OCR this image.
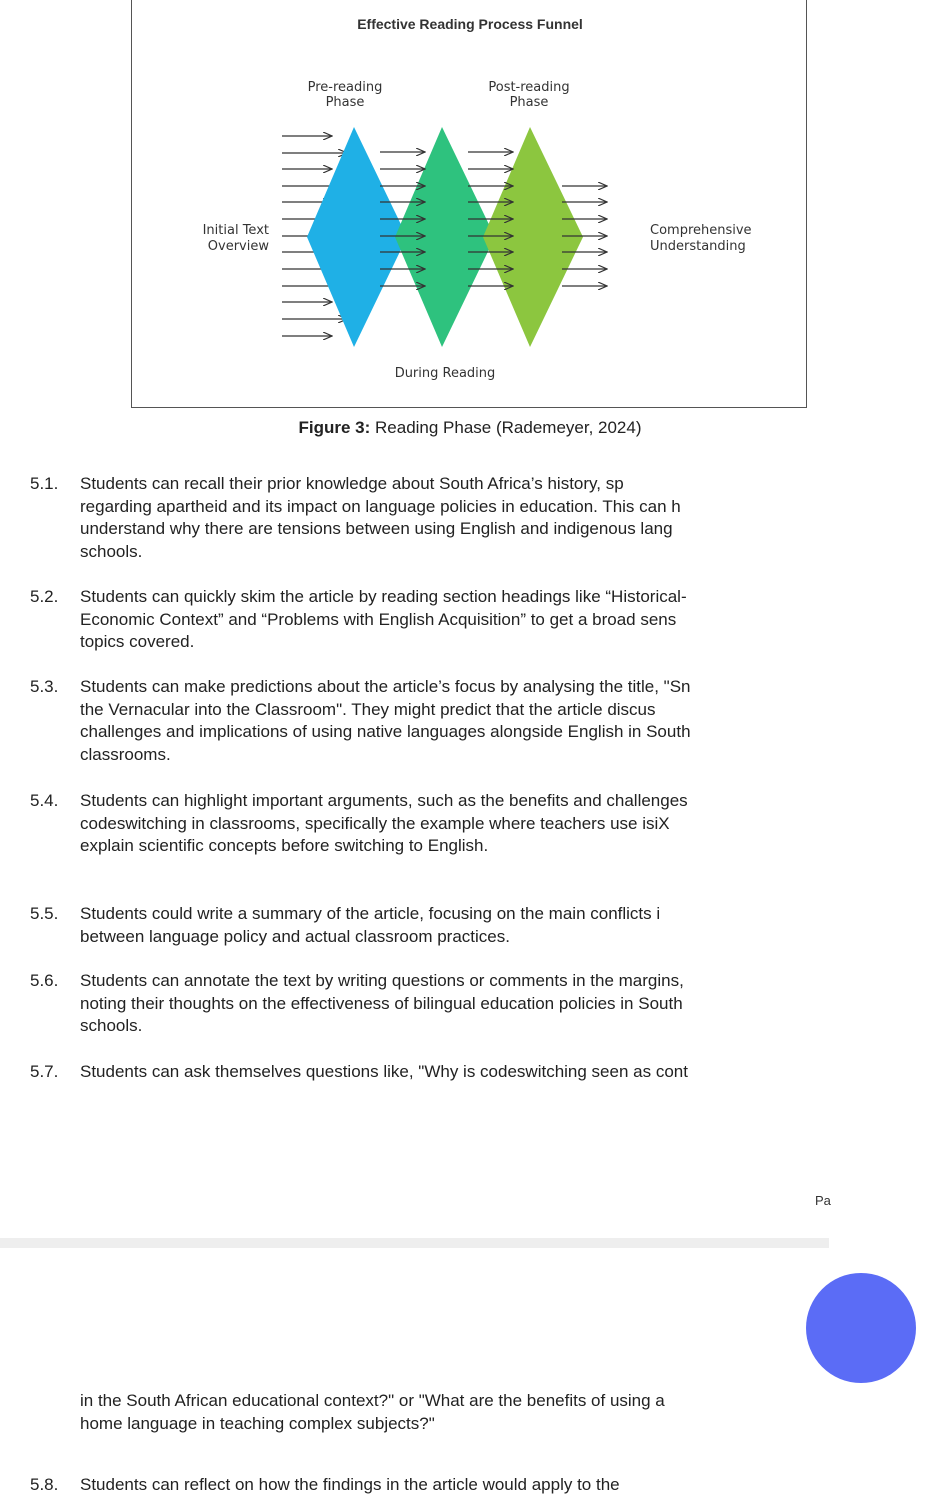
Effective Reading Process Funnel
Pre-reading
Phase
Post-reading
Phase
Initial Text
Overview
Comprehensive
Understanding
During Reading
Figure 3: Reading Phase (Rademeyer, 2024)
5.1. Students can recall their prior knowledge about South Africa’s history, sp
regarding apartheid and its impact on language policies in education. This can h
understand why there are tensions between using English and indigenous lang
schools.
5.2. Students can quickly skim the article by reading section headings like “Historical-
Economic Context” and “Problems with English Acquisition” to get a broad sens
topics covered.
5.3. Students can make predictions about the article’s focus by analysing the title, "Sn
the Vernacular into the Classroom". They might predict that the article discus
challenges and implications of using native languages alongside English in South
classrooms.
5.4. Students can highlight important arguments, such as the benefits and challenges
codeswitching in classrooms, specifically the example where teachers use isiX
explain scientific concepts before switching to English.
5.5. Students could write a summary of the article, focusing on the main conflicts i
between language policy and actual classroom practices.
5.6. Students can annotate the text by writing questions or comments in the margins,
noting their thoughts on the effectiveness of bilingual education policies in South
schools.
5.7. Students can ask themselves questions like, "Why is codeswitching seen as cont
Pa
in the South African educational context?" or "What are the benefits of using a
home language in teaching complex subjects?"
5.8. Students can reflect on how the findings in the article would apply to the
